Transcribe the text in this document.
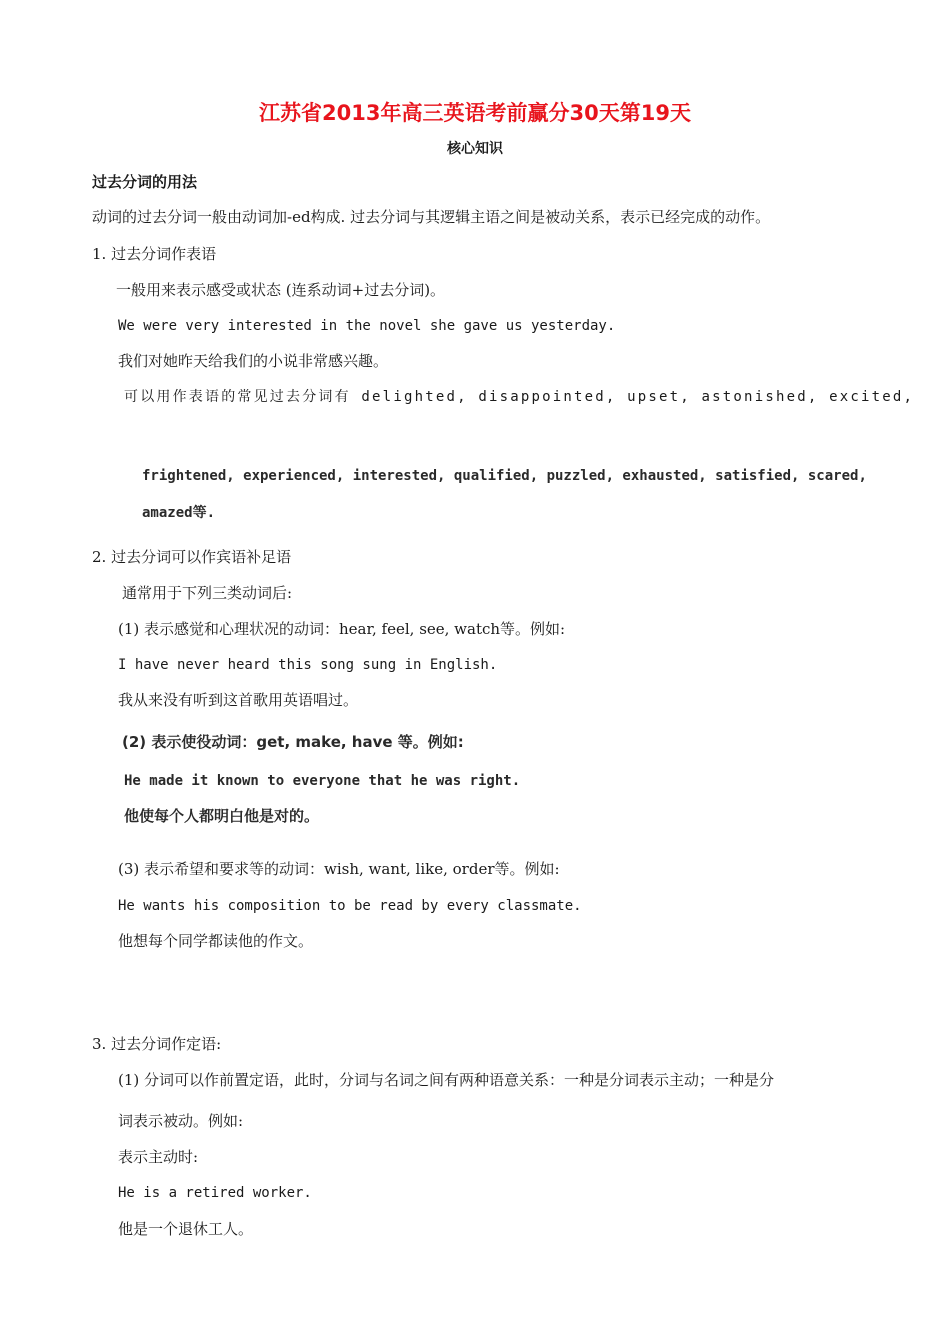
江苏省2013年高三英语考前赢分30天第19天
核心知识
过去分词的用法
动词的过去分词一般由动词加-ed构成. 过去分词与其逻辑主语之间是被动关系，表示已经完成的动作。
1. 过去分词作表语
一般用来表示感受或状态 (连系动词+过去分词)。
We were very interested in the novel she gave us yesterday.
我们对她昨天给我们的小说非常感兴趣。
可以用作表语的常见过去分词有 delighted, disappointed, upset, astonished, excited,
frightened, experienced, interested, qualified, puzzled, exhausted, satisfied, scared,
amazed等.
2. 过去分词可以作宾语补足语
通常用于下列三类动词后:
(1) 表示感觉和心理状况的动词：hear, feel, see, watch等。例如:
I have never heard this song sung in English.
我从来没有听到这首歌用英语唱过。
(2) 表示使役动词：get, make, have 等。例如:
He made it known to everyone that he was right.
他使每个人都明白他是对的。
(3) 表示希望和要求等的动词：wish, want, like, order等。例如:
He wants his composition to be read by every classmate.
他想每个同学都读他的作文。
3. 过去分词作定语:
(1) 分词可以作前置定语，此时，分词与名词之间有两种语意关系：一种是分词表示主动；一种是分
词表示被动。例如:
表示主动时:
He is a retired worker.
他是一个退休工人。
